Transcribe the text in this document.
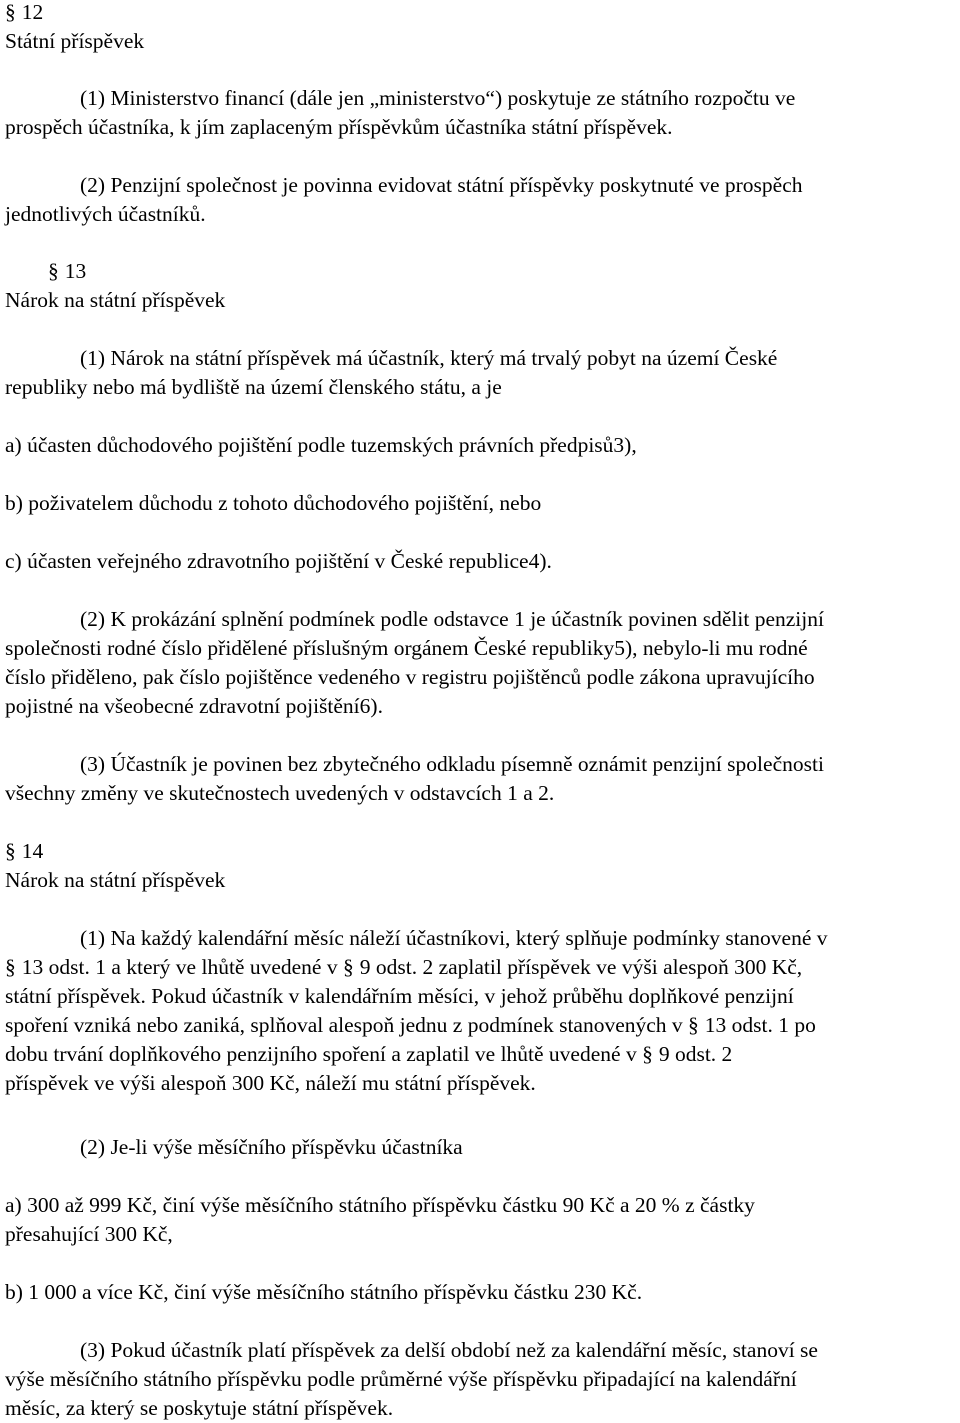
§ 12
Státní příspěvek
(1) Ministerstvo financí (dále jen „ministerstvo“) poskytuje ze státního rozpočtu ve
prospěch účastníka, k jím zaplaceným příspěvkům účastníka státní příspěvek.
(2) Penzijní společnost je povinna evidovat státní příspěvky poskytnuté ve prospěch
jednotlivých účastníků.
§ 13
Nárok na státní příspěvek
(1) Nárok na státní příspěvek má účastník, který má trvalý pobyt na území České
republiky nebo má bydliště na území členského státu, a je
a) účasten důchodového pojištění podle tuzemských právních předpisů3),
b) poživatelem důchodu z tohoto důchodového pojištění, nebo
c) účasten veřejného zdravotního pojištění v České republice4).
(2) K prokázání splnění podmínek podle odstavce 1 je účastník povinen sdělit penzijní
společnosti rodné číslo přidělené příslušným orgánem České republiky5), nebylo-li mu rodné
číslo přiděleno, pak číslo pojištěnce vedeného v registru pojištěnců podle zákona upravujícího
pojistné na všeobecné zdravotní pojištění6).
(3) Účastník je povinen bez zbytečného odkladu písemně oznámit penzijní společnosti
všechny změny ve skutečnostech uvedených v odstavcích 1 a 2.
§ 14
Nárok na státní příspěvek
(1) Na každý kalendářní měsíc náleží účastníkovi, který splňuje podmínky stanovené v
§ 13 odst. 1 a který ve lhůtě uvedené v § 9 odst. 2 zaplatil příspěvek ve výši alespoň 300 Kč,
státní příspěvek. Pokud účastník v kalendářním měsíci, v jehož průběhu doplňkové penzijní
spoření vzniká nebo zaniká, splňoval alespoň jednu z podmínek stanovených v § 13 odst. 1 po
dobu trvání doplňkového penzijního spoření a zaplatil ve lhůtě uvedené v § 9 odst. 2
příspěvek ve výši alespoň 300 Kč, náleží mu státní příspěvek.
(2) Je-li výše měsíčního příspěvku účastníka
a) 300 až 999 Kč, činí výše měsíčního státního příspěvku částku 90 Kč a 20 % z částky
přesahující 300 Kč,
b) 1 000 a více Kč, činí výše měsíčního státního příspěvku částku 230 Kč.
(3) Pokud účastník platí příspěvek za delší období než za kalendářní měsíc, stanoví se
výše měsíčního státního příspěvku podle průměrné výše příspěvku připadající na kalendářní
měsíc, za který se poskytuje státní příspěvek.
